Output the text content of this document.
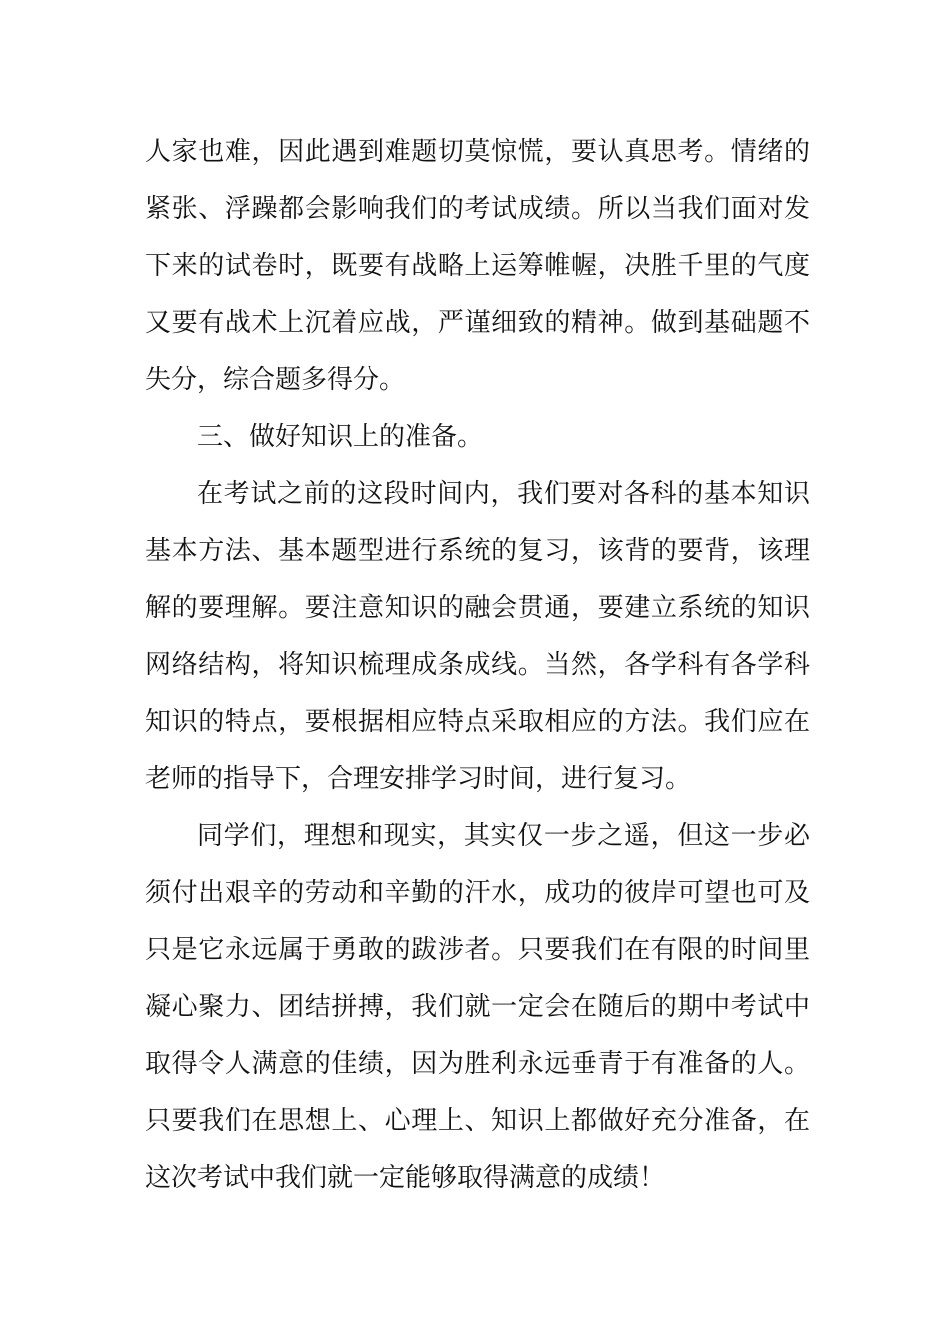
人家也难，因此遇到难题切莫惊慌，要认真思考。情绪的
紧张、浮躁都会影响我们的考试成绩。所以当我们面对发
下来的试卷时，既要有战略上运筹帷幄，决胜千里的气度
又要有战术上沉着应战，严谨细致的精神。做到基础题不
失分，综合题多得分。
三、做好知识上的准备。
在考试之前的这段时间内，我们要对各科的基本知识
基本方法、基本题型进行系统的复习，该背的要背，该理
解的要理解。要注意知识的融会贯通，要建立系统的知识
网络结构，将知识梳理成条成线。当然，各学科有各学科
知识的特点，要根据相应特点采取相应的方法。我们应在
老师的指导下，合理安排学习时间，进行复习。
同学们，理想和现实，其实仅一步之遥，但这一步必
须付出艰辛的劳动和辛勤的汗水，成功的彼岸可望也可及
只是它永远属于勇敢的跋涉者。只要我们在有限的时间里
凝心聚力、团结拼搏，我们就一定会在随后的期中考试中
取得令人满意的佳绩，因为胜利永远垂青于有准备的人。
只要我们在思想上、心理上、知识上都做好充分准备，在
这次考试中我们就一定能够取得满意的成绩！
